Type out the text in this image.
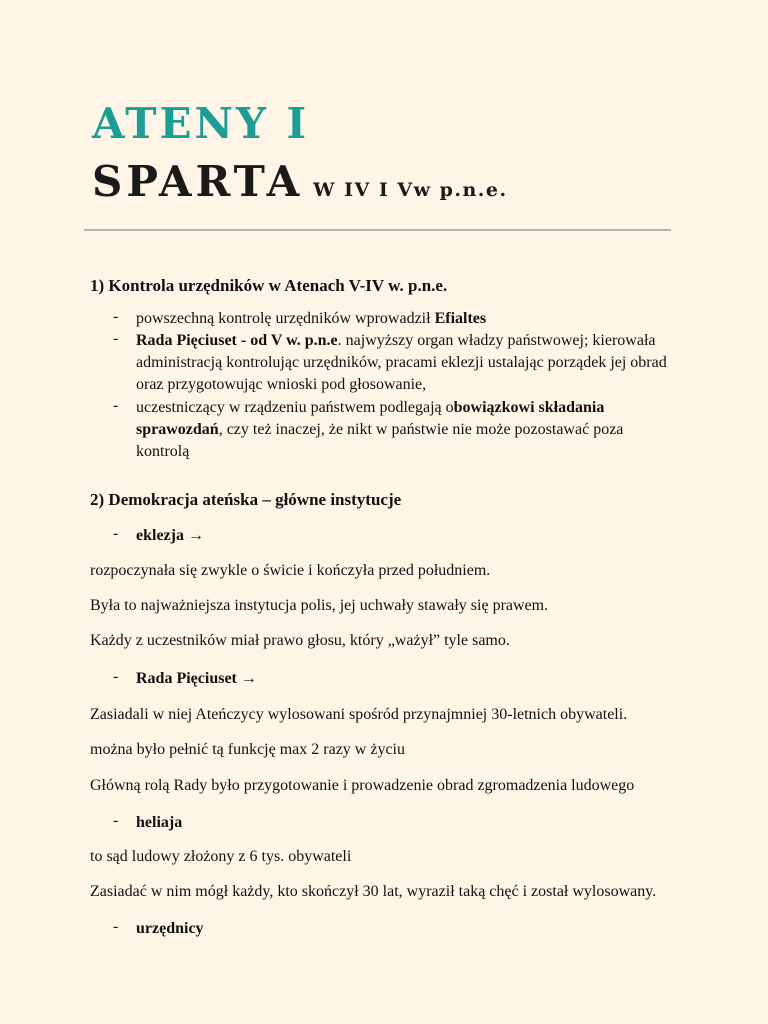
ATENY I
SPARTA W IV I Vw p.n.e.
1) Kontrola urzędników w Atenach V-IV w. p.n.e.
- powszechną kontrolę urzędników wprowadził Efialtes
- Rada Pięciuset - od V w. p.n.e. najwyższy organ władzy państwowej; kierowała administracją kontrolując urzędników, pracami eklezji ustalając porządek jej obrad oraz przygotowując wnioski pod głosowanie,
- uczestniczący w rządzeniu państwem podlegają obowiązkowi składania sprawozdań, czy też inaczej, że nikt w państwie nie może pozostawać poza kontrolą
2) Demokracja ateńska – główne instytucje
- eklezja →
rozpoczynała się zwykle o świcie i kończyła przed południem.
Była to najważniejsza instytucja polis, jej uchwały stawały się prawem.
Każdy z uczestników miał prawo głosu, który „ważył” tyle samo.
- Rada Pięciuset →
Zasiadali w niej Ateńczycy wylosowani spośród przynajmniej 30-letnich obywateli.
można było pełnić tą funkcję max 2 razy w życiu
Główną rolą Rady było przygotowanie i prowadzenie obrad zgromadzenia ludowego
- heliaja
to sąd ludowy złożony z 6 tys. obywateli
Zasiadać w nim mógł każdy, kto skończył 30 lat, wyraził taką chęć i został wylosowany.
- urzędnicy
